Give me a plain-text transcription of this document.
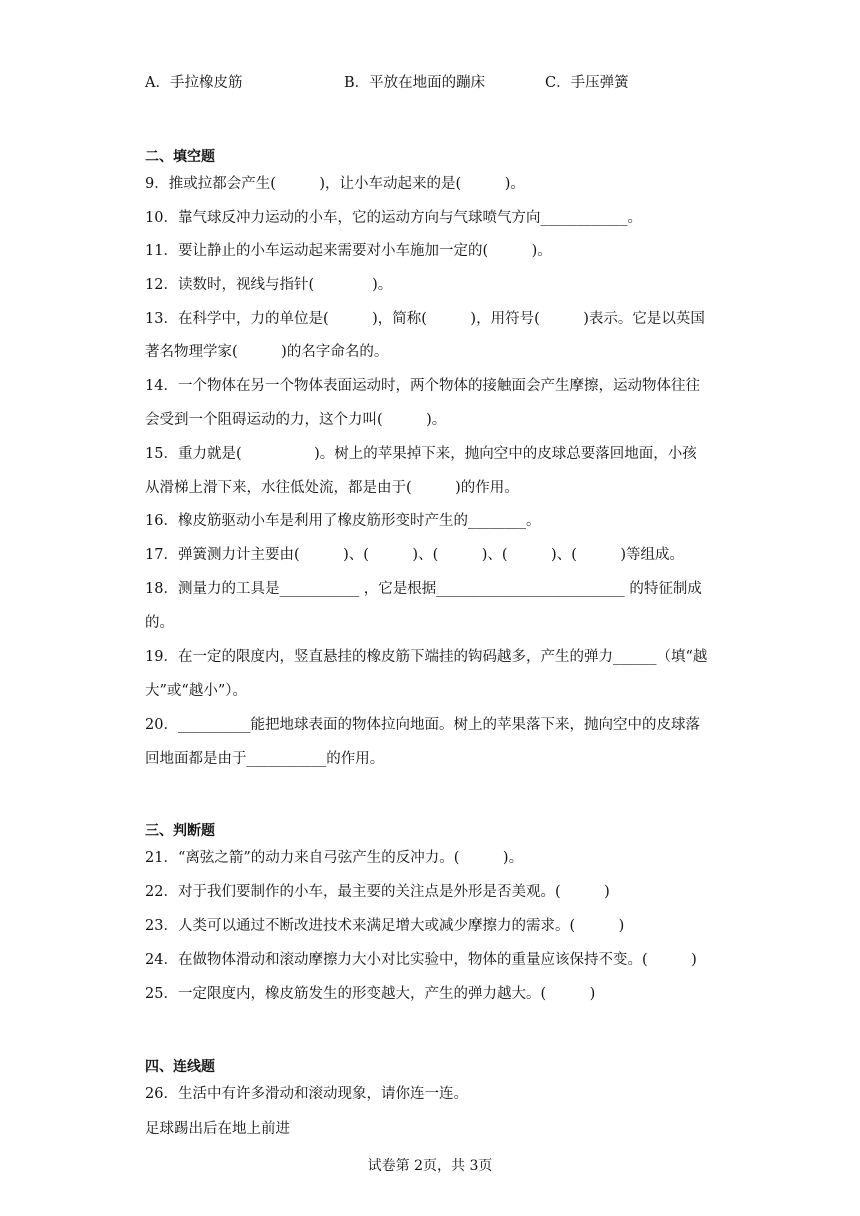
A．手拉橡皮筋	B．平放在地面的蹦床	C．手压弹簧
二、填空题
9．推或拉都会产生(　　　)，让小车动起来的是(　　　)。
10．靠气球反冲力运动的小车，它的运动方向与气球喷气方向____________。
11．要让静止的小车运动起来需要对小车施加一定的(　　　)。
12．读数时，视线与指针(　　　　)。
13．在科学中，力的单位是(　　　)，简称(　　　)，用符号(　　　)表示。它是以英国
著名物理学家(　　　)的名字命名的。
14．一个物体在另一个物体表面运动时，两个物体的接触面会产生摩擦，运动物体往往
会受到一个阻碍运动的力，这个力叫(　　　)。
15．重力就是(　　　　　)。树上的苹果掉下来，抛向空中的皮球总要落回地面，小孩
从滑梯上滑下来，水往低处流，都是由于(　　　)的作用。
16．橡皮筋驱动小车是利用了橡皮筋形变时产生的________。
17．弹簧测力计主要由(　　　)、(　　　)、(　　　)、(　　　)、(　　　)等组成。
18．测量力的工具是___________ ，它是根据__________________________ 的特征制成
的。
19．在一定的限度内，竖直悬挂的橡皮筋下端挂的钩码越多，产生的弹力______（填“越
大”或“越小”）。
20．__________能把地球表面的物体拉向地面。树上的苹果落下来，抛向空中的皮球落
回地面都是由于___________的作用。
三、判断题
21．“离弦之箭”的动力来自弓弦产生的反冲力。(　　　)。
22．对于我们要制作的小车，最主要的关注点是外形是否美观。(　　　)
23．人类可以通过不断改进技术来满足增大或减少摩擦力的需求。(　　　)
24．在做物体滑动和滚动摩擦力大小对比实验中，物体的重量应该保持不变。(　　　)
25．一定限度内，橡皮筋发生的形变越大，产生的弹力越大。(　　　)
四、连线题
26．生活中有许多滑动和滚动现象，请你连一连。
足球踢出后在地上前进
试卷第 2页，共 3页
